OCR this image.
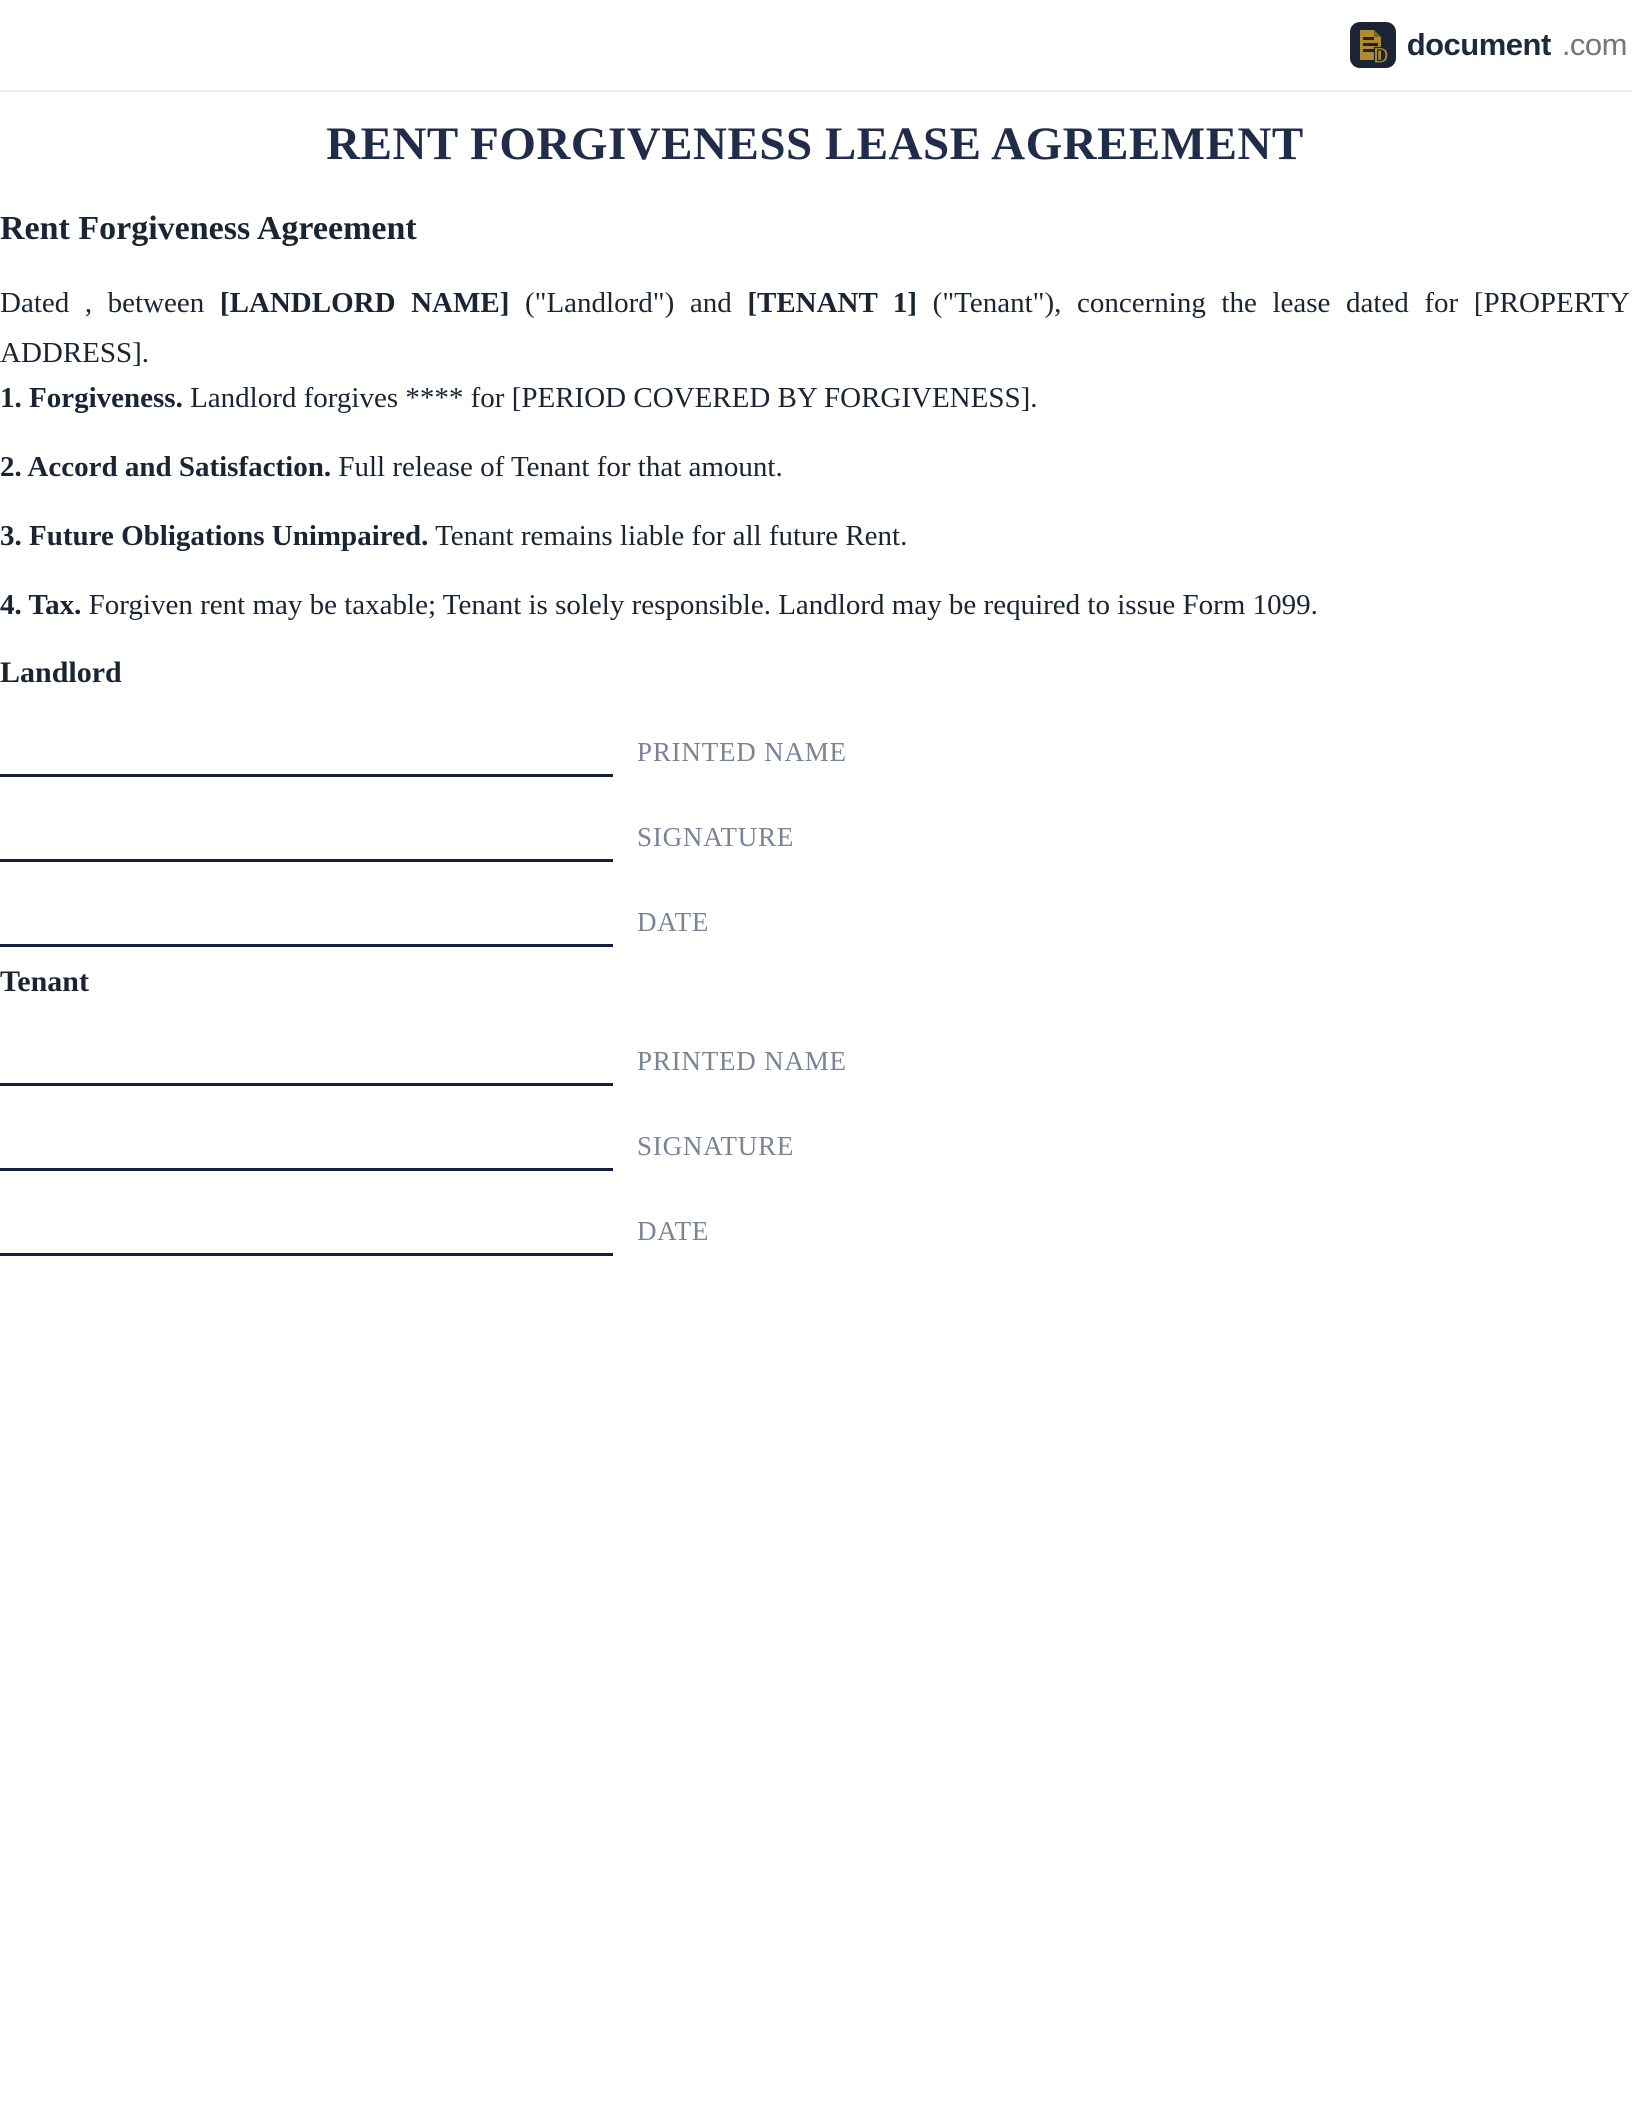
D document .com
RENT FORGIVENESS LEASE AGREEMENT
Rent Forgiveness Agreement

Dated , between [LANDLORD NAME] ("Landlord") and [TENANT 1] ("Tenant"), concerning the lease dated for [PROPERTY ADDRESS].

1. Forgiveness. Landlord forgives **** for [PERIOD COVERED BY FORGIVENESS].

2. Accord and Satisfaction. Full release of Tenant for that amount.

3. Future Obligations Unimpaired. Tenant remains liable for all future Rent.

4. Tax. Forgiven rent may be taxable; Tenant is solely responsible. Landlord may be required to issue Form 1099.

Landlord
PRINTED NAME
SIGNATURE
DATE
Tenant
PRINTED NAME
SIGNATURE
DATE
